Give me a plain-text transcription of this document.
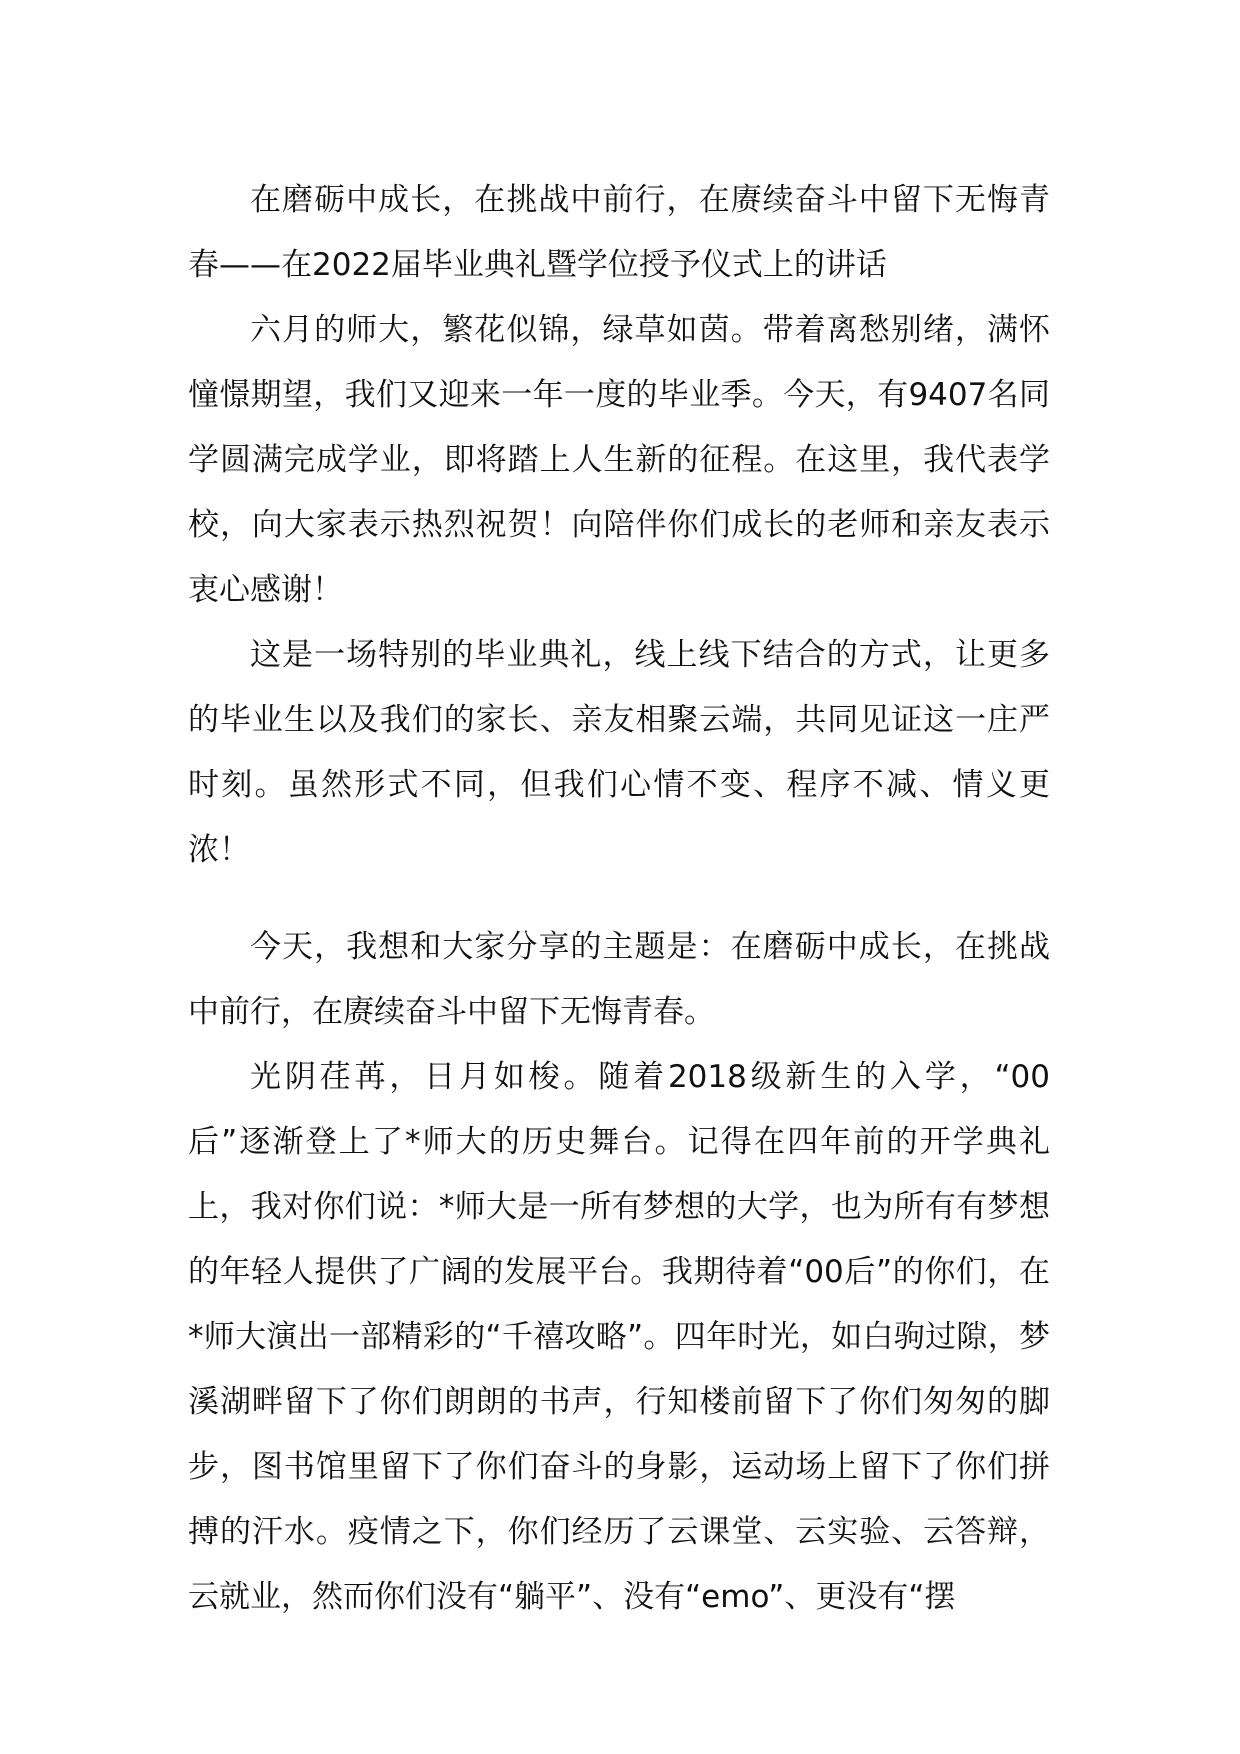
在磨砺中成长，在挑战中前行，在赓续奋斗中留下无悔青春——在2022届毕业典礼暨学位授予仪式上的讲话

六月的师大，繁花似锦，绿草如茵。带着离愁别绪，满怀憧憬期望，我们又迎来一年一度的毕业季。今天，有9407名同学圆满完成学业，即将踏上人生新的征程。在这里，我代表学校，向大家表示热烈祝贺！向陪伴你们成长的老师和亲友表示衷心感谢！

这是一场特别的毕业典礼，线上线下结合的方式，让更多的毕业生以及我们的家长、亲友相聚云端，共同见证这一庄严时刻。虽然形式不同，但我们心情不变、程序不减、情义更浓！

今天，我想和大家分享的主题是：在磨砺中成长，在挑战中前行，在赓续奋斗中留下无悔青春。

光阴荏苒，日月如梭。随着2018级新生的入学，“00后”逐渐登上了*师大的历史舞台。记得在四年前的开学典礼上，我对你们说：*师大是一所有梦想的大学，也为所有有梦想的年轻人提供了广阔的发展平台。我期待着“00后”的你们，在*师大演出一部精彩的“千禧攻略”。四年时光，如白驹过隙，梦溪湖畔留下了你们朗朗的书声，行知楼前留下了你们匆匆的脚步，图书馆里留下了你们奋斗的身影，运动场上留下了你们拼搏的汗水。疫情之下，你们经历了云课堂、云实验、云答辩，云就业，然而你们没有“躺平”、没有“emo”、更没有“摆
